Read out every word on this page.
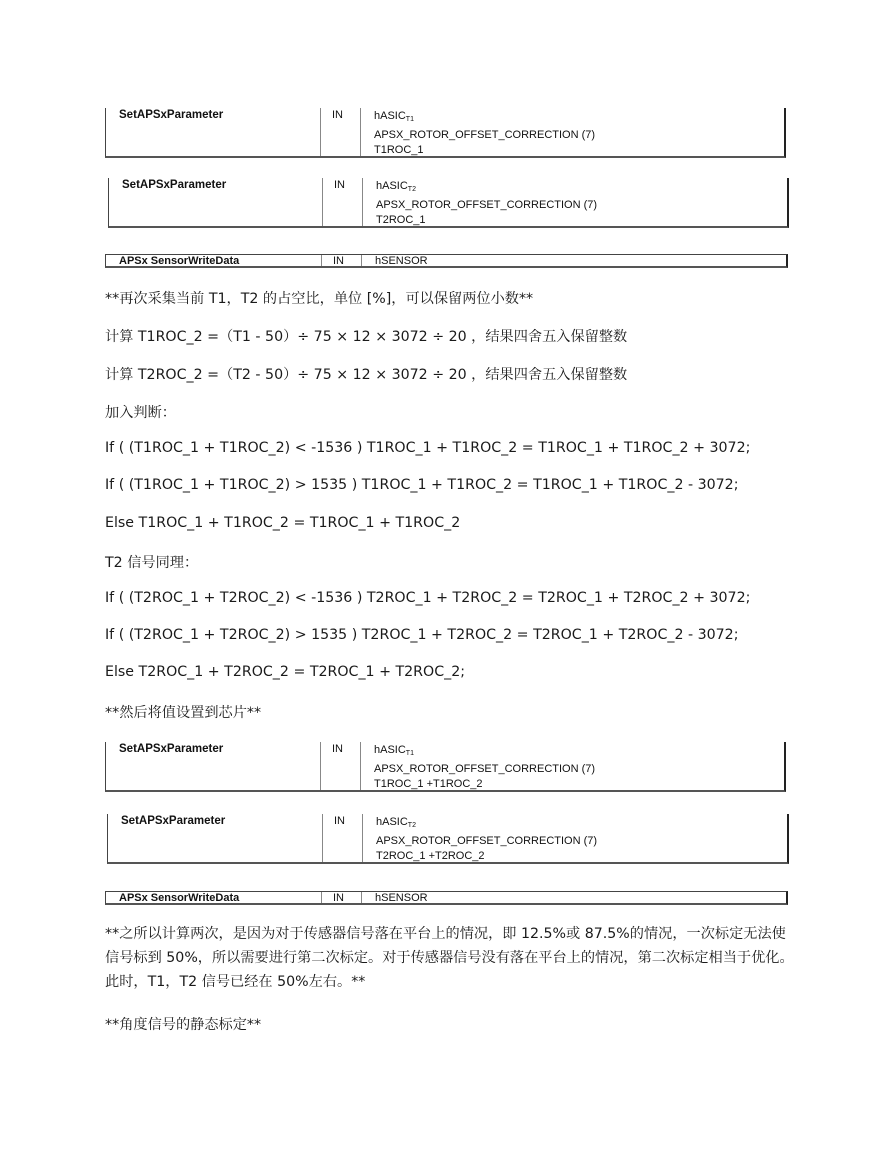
SetAPSxParameter	IN	hASIC$_{T1}$
APSX_ROTOR_OFFSET_CORRECTION (7)
T1ROC_1
SetAPSxParameter	IN	hASIC$_{T2}$
APSX_ROTOR_OFFSET_CORRECTION (7)
T2ROC_1
APSx SensorWriteData	IN	hSENSOR
**再次采集当前 T1，T2 的占空比，单位 [%]，可以保留两位小数**
计算 T1ROC_2 =（T1 - 50）÷ 75 × 12 × 3072 ÷ 20 ，结果四舍五入保留整数
计算 T2ROC_2 =（T2 - 50）÷ 75 × 12 × 3072 ÷ 20 ，结果四舍五入保留整数
加入判断：
If ( (T1ROC_1 + T1ROC_2) < -1536 ) T1ROC_1 + T1ROC_2 = T1ROC_1 + T1ROC_2 + 3072;
If ( (T1ROC_1 + T1ROC_2) > 1535 ) T1ROC_1 + T1ROC_2 = T1ROC_1 + T1ROC_2 - 3072;
Else T1ROC_1 + T1ROC_2 = T1ROC_1 + T1ROC_2
T2 信号同理：
If ( (T2ROC_1 + T2ROC_2) < -1536 ) T2ROC_1 + T2ROC_2 = T2ROC_1 + T2ROC_2 + 3072;
If ( (T2ROC_1 + T2ROC_2) > 1535 ) T2ROC_1 + T2ROC_2 = T2ROC_1 + T2ROC_2 - 3072;
Else T2ROC_1 + T2ROC_2 = T2ROC_1 + T2ROC_2;
**然后将值设置到芯片**
SetAPSxParameter	IN	hASIC$_{T1}$
APSX_ROTOR_OFFSET_CORRECTION (7)
T1ROC_1 +T1ROC_2
SetAPSxParameter	IN	hASIC$_{T2}$
APSX_ROTOR_OFFSET_CORRECTION (7)
T2ROC_1 +T2ROC_2
APSx SensorWriteData	IN	hSENSOR
**之所以计算两次，是因为对于传感器信号落在平台上的情况，即 12.5%或 87.5%的情况，一次标定无法使信号标到 50%，所以需要进行第二次标定。对于传感器信号没有落在平台上的情况，第二次标定相当于优化。此时，T1，T2 信号已经在 50%左右。**
**角度信号的静态标定**
